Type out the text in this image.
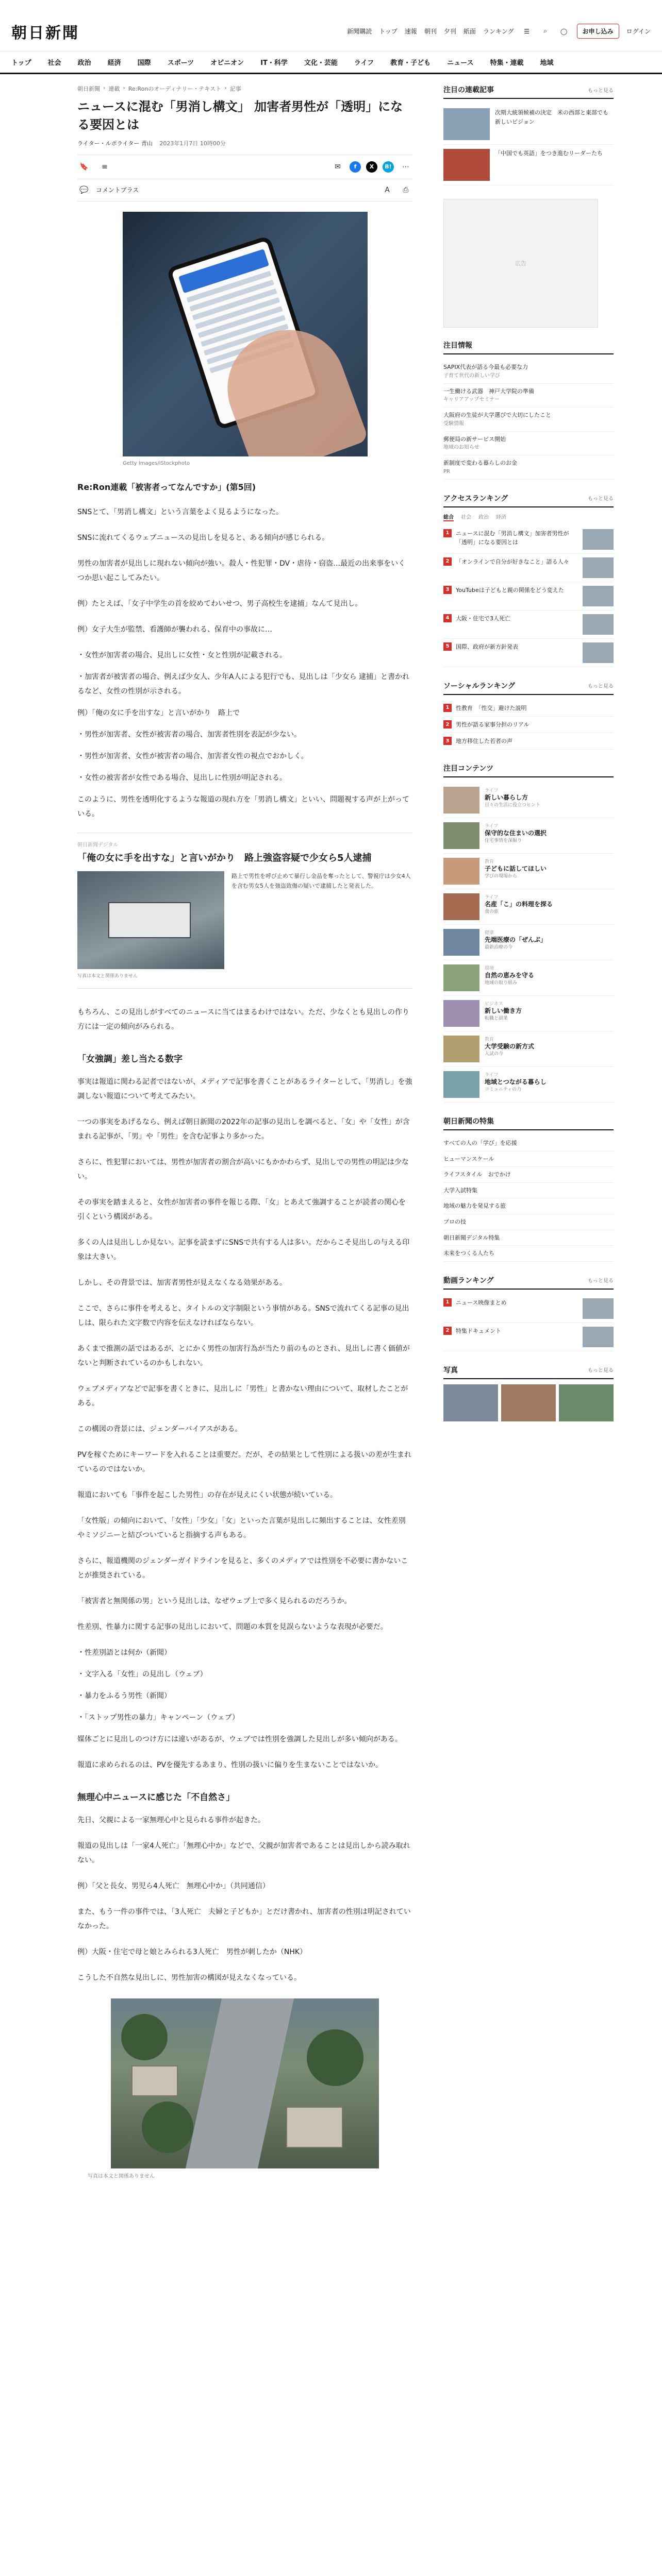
朝日新聞	新聞購読 トップ 速報 朝刊 夕刊 紙面 ランキング	☰	⌕	◯	お申し込み	ログイン
トップ 社会 政治 経済 国際 スポーツ オピニオン IT・科学 文化・芸能 ライフ 教育・子ども ニュース 特集・連載 地域
朝日新聞 › 連載 › Re:Ronのオーディナリー・テキスト › 記事
ニュースに混む「男消し構文」 加害者男性が「透明」になる要因とは
ライター・ルポライター 青山 2023年1月7日 10時00分
🔖	≡	✉	f	X	B!	⋯
💬	コメントプラス	A	⎙
Getty Images/iStockphoto
Re:Ron連載「被害者ってなんですか」(第5回)

SNSとて、「男消し構文」という言葉をよく見るようになった。

SNSに流れてくるウェブニュースの見出しを見ると、ある傾向が感じられる。

男性の加害者が見出しに現れない傾向が強い。殺人・性犯罪・DV・虐待・窃盗…最近の出来事をいくつか思い起こしてみたい。

例）たとえば、「女子中学生の首を絞めてわいせつ、男子高校生を逮捕」なんて見出し。

例）女子大生が監禁、看護師が襲われる、保育中の事故に…

・女性が加害者の場合、見出しに女性・女と性別が記載される。

・加害者が被害者の場合、例えば少女人、少年A人による犯行でも、見出しは「少女ら 逮捕」と書かれるなど、女性の性別が示される。

例）「俺の女に手を出すな」と言いがかり　路上で

・男性が加害者、女性が被害者の場合、加害者性別を表記が少ない。

・男性が加害者、女性が被害者の場合、加害者女性の視点でおかしく。

・女性の被害者が女性である場合、見出しに性別が明記される。

このように、男性を透明化するような報道の現れ方を「男消し構文」といい、問題視する声が上がっている。

朝日新聞デジタル
「俺の女に手を出すな」と言いがかり　路上強盗容疑で少女ら5人逮捕
写真は本文と関係ありません
路上で男性を呼び止めて暴行し金品を奪ったとして、警視庁は少女4人を含む男女5人を強盗致傷の疑いで逮捕したと発表した。

もちろん、この見出しがすべてのニュースに当てはまるわけではない。ただ、少なくとも見出しの作り方には一定の傾向がみられる。

「女強調」差し当たる数字

事実は報道に関わる記者ではないが、メディアで記事を書くことがあるライターとして、「男消し」を強調しない報道について考えてみたい。

一つの事実をあげるなら、例えば朝日新聞の2022年の記事の見出しを調べると、「女」や「女性」が含まれる記事が、「男」や「男性」を含む記事より多かった。

さらに、性犯罪においては、男性が加害者の割合が高いにもかかわらず、見出しでの男性の明記は少ない。

その事実を踏まえると、女性が加害者の事件を報じる際、「女」とあえて強調することが読者の関心を引くという構図がある。

多くの人は見出ししか見ない。記事を読まずにSNSで共有する人は多い。だからこそ見出しの与える印象は大きい。

しかし、その背景では、加害者男性が見えなくなる効果がある。

ここで、さらに事件を考えると、タイトルの文字制限という事情がある。SNSで流れてくる記事の見出しは、限られた文字数で内容を伝えなければならない。

あくまで推測の話ではあるが、とにかく男性の加害行為が当たり前のものとされ、見出しに書く価値がないと判断されているのかもしれない。

ウェブメディアなどで記事を書くときに、見出しに「男性」と書かない理由について、取材したことがある。

この構図の背景には、ジェンダーバイアスがある。

PVを稼ぐためにキーワードを入れることは重要だ。だが、その結果として性別による扱いの差が生まれているのではないか。

報道においても「事件を起こした男性」の存在が見えにくい状態が続いている。

「女性版」の傾向において、「女性」「少女」「女」といった言葉が見出しに頻出することは、女性差別やミソジニーと結びついていると指摘する声もある。

さらに、報道機関のジェンダーガイドラインを見ると、多くのメディアでは性別を不必要に書かないことが推奨されている。

「被害者と無関係の男」という見出しは、なぜウェブ上で多く見られるのだろうか。

性差別、性暴力に関する記事の見出しにおいて、問題の本質を見誤らないような表現が必要だ。

・性差別語とは何か（新聞）

・文字入る「女性」の見出し（ウェブ）

・暴力をふるう男性（新聞）

・「ストップ男性の暴力」キャンペーン（ウェブ）

媒体ごとに見出しのつけ方には違いがあるが、ウェブでは性別を強調した見出しが多い傾向がある。

報道に求められるのは、PVを優先するあまり、性別の扱いに偏りを生まないことではないか。

無理心中ニュースに感じた「不自然さ」

先日、父親による一家無理心中と見られる事件が起きた。

報道の見出しは「一家4人死亡」「無理心中か」などで、父親が加害者であることは見出しから読み取れない。

例）「父と長女、男児ら4人死亡　無理心中か」（共同通信）

また、もう一件の事件では、「3人死亡　夫婦と子どもか」とだけ書かれ、加害者の性別は明記されていなかった。

例）大阪・住宅で母と娘とみられる3人死亡　男性が刺したか（NHK）

こうした不自然な見出しに、男性加害の構図が見えなくなっている。

写真は本文と関係ありません
注目の連載記事	もっと見る
次期大統領候補の決定　米の西部と東部でも新しいビジョン
「中国でも英語」をつき進むリーダーたち
広告
注目情報
SAPIX代表が語る今最も必要な力
子育て世代の新しい学び
一生働ける武器　神戸大学院の準備
キャリアアップセミナー
大阪府の生徒が大学選びで大切にしたこと
受験情報
郵便局の新サービス開始
地域のお知らせ
新制度で変わる暮らしのお金
PR
アクセスランキング	もっと見る
総合 社会 政治 経済
1	ニュースに混む「男消し構文」加害者男性が「透明」になる要因とは
2	「オンラインで自分が好きなこと」語る人々
3	YouTubeは子どもと親の関係をどう変えた
4	大阪・住宅で3人死亡
5	国際、政府が新方針発表
ソーシャルランキング	もっと見る
1	性教育　「性交」避けた説明
2	男性が語る家事分担のリアル
3	地方移住した若者の声
注目コンテンツ
ライフ
新しい暮らし方
日々の生活に役立つヒント
ライフ
保守的な住まいの選択
住宅事情を深掘り
教育
子どもに話してほしい
学びの現場から
ライフ
名産「こ」の料理を探る
食の旅
健康
先端医療の「ぜんぶ」
最新治療の今
環境
自然の恵みを守る
地域の取り組み
ビジネス
新しい働き方
転職と副業
教育
大学受験の新方式
入試の今
ライフ
地域とつながる暮らし
コミュニティの力
朝日新聞の特集
すべての人の「学び」を応援
ヒューマンスケール
ライフスタイル　おでかけ
大学入試特集
地域の魅力を発見する旅
プロの技
朝日新聞デジタル特集
未来をつくる人たち
動画ランキング	もっと見る
1	ニュース映像まとめ
2	特集ドキュメント
写真	もっと見る
